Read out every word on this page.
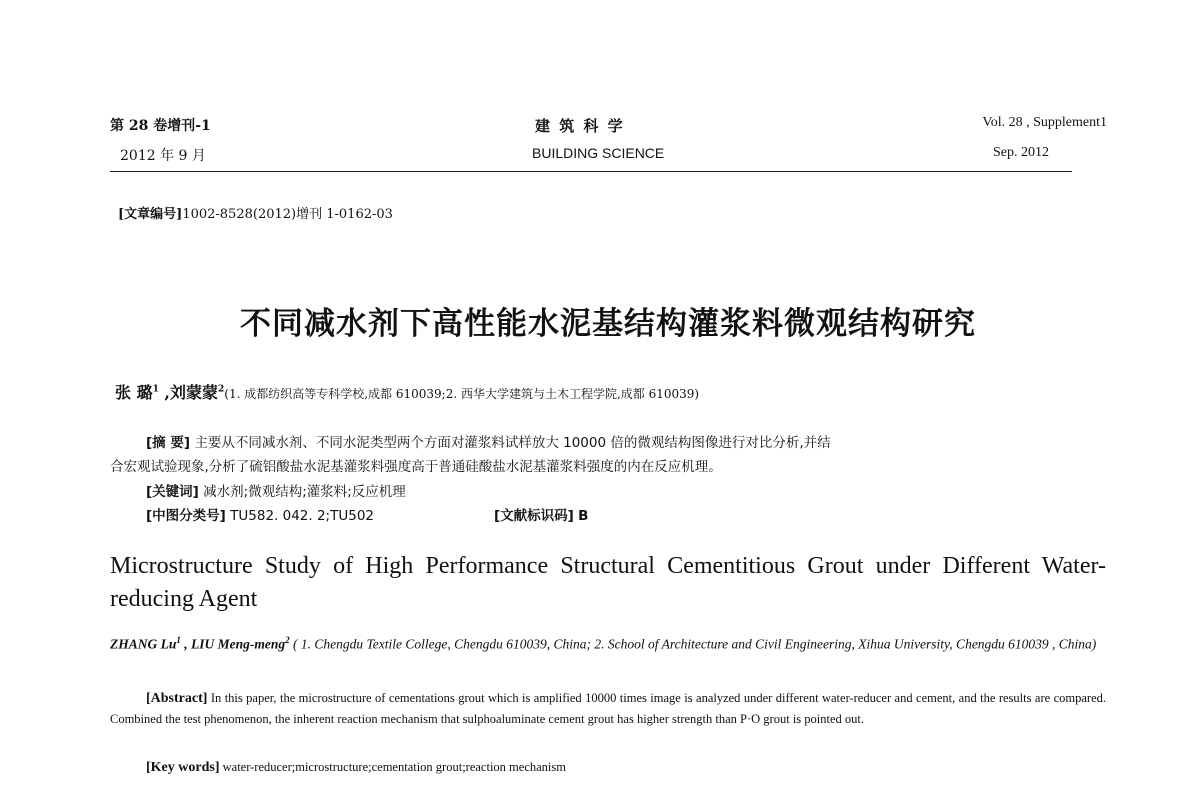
第 28 卷增刊-1
2012 年 9 月
建 筑 科 学
BUILDING SCIENCE
Vol. 28 , Supplement1
Sep. 2012
[文章编号]1002-8528(2012)增刊 1-0162-03
不同减水剂下高性能水泥基结构灌浆料微观结构研究
张 璐$^1$ ,刘蒙蒙$^2$(1. 成都纺织高等专科学校,成都 610039;2. 西华大学建筑与土木工程学院,成都 610039)
[摘 要] 主要从不同减水剂、不同水泥类型两个方面对灌浆料试样放大 10000 倍的微观结构图像进行对比分析,并结
合宏观试验现象,分析了硫铝酸盐水泥基灌浆料强度高于普通硅酸盐水泥基灌浆料强度的内在反应机理。
[关键词] 减水剂;微观结构;灌浆料;反应机理
[中图分类号] TU582. 042. 2;TU502	[文献标识码] B
Microstructure Study of High Performance Structural Cementitious Grout under Different Water-reducing Agent
ZHANG Lu$^1$ , LIU Meng-meng$^2$ ( 1. Chengdu Textile College, Chengdu 610039, China; 2. School of Architecture and Civil Engineering, Xihua University, Chengdu 610039 , China)
[Abstract] In this paper, the microstructure of cementations grout which is amplified 10000 times image is analyzed under different water-reducer and cement, and the results are compared. Combined the test phenomenon, the inherent reaction mechanism that sulphoaluminate cement grout has higher strength than P·O grout is pointed out.
[Key words] water-reducer;microstructure;cementation grout;reaction mechanism
